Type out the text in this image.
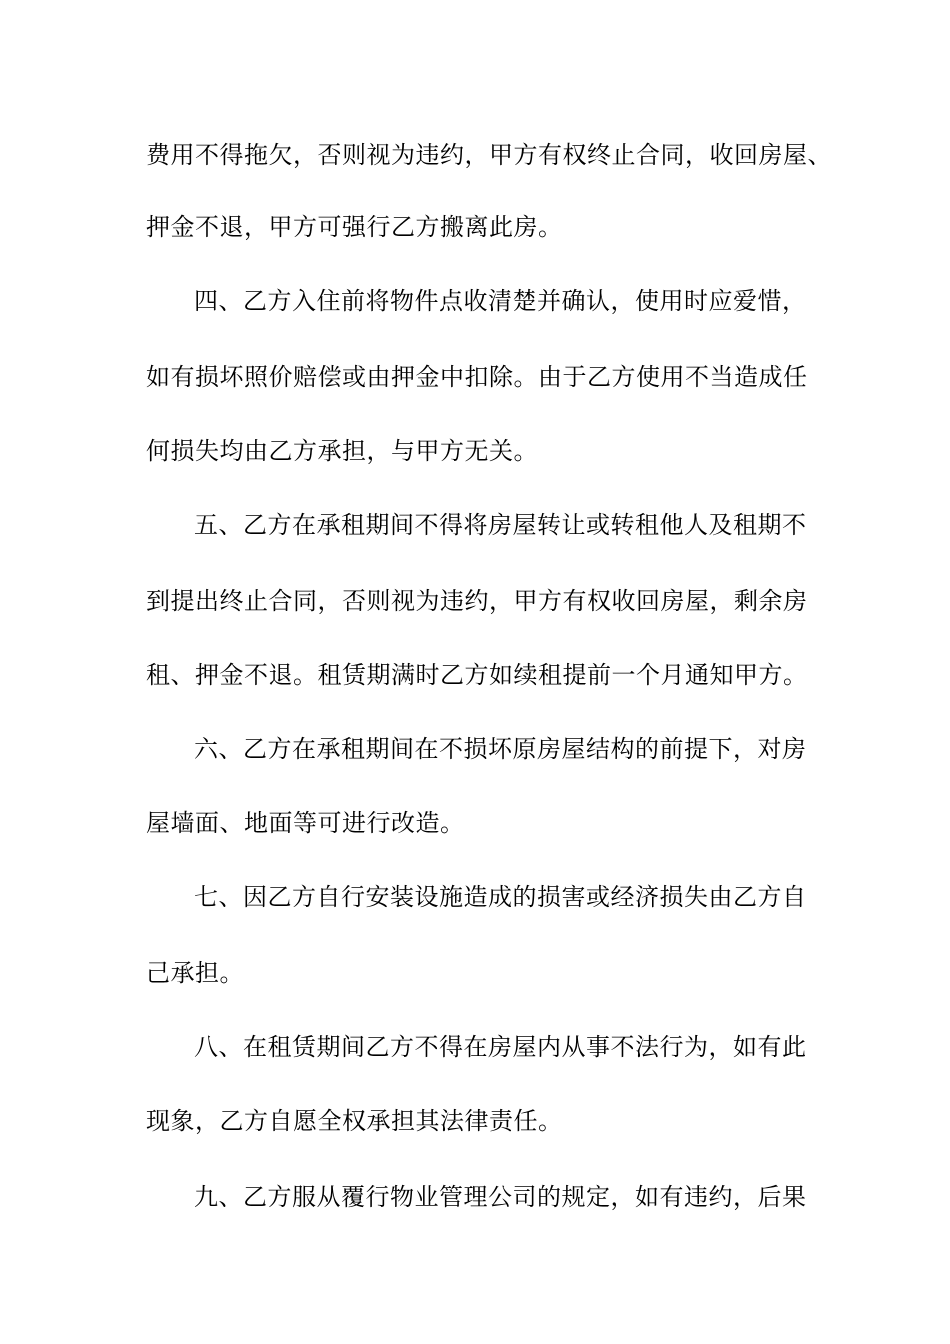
费用不得拖欠，否则视为违约，甲方有权终止合同，收回房屋、
押金不退，甲方可强行乙方搬离此房。
四、乙方入住前将物件点收清楚并确认，使用时应爱惜，
如有损坏照价赔偿或由押金中扣除。由于乙方使用不当造成任
何损失均由乙方承担，与甲方无关。
五、乙方在承租期间不得将房屋转让或转租他人及租期不
到提出终止合同，否则视为违约，甲方有权收回房屋，剩余房
租、押金不退。租赁期满时乙方如续租提前一个月通知甲方。
六、乙方在承租期间在不损坏原房屋结构的前提下，对房
屋墙面、地面等可进行改造。
七、因乙方自行安装设施造成的损害或经济损失由乙方自
己承担。
八、在租赁期间乙方不得在房屋内从事不法行为，如有此
现象，乙方自愿全权承担其法律责任。
九、乙方服从覆行物业管理公司的规定，如有违约，后果
